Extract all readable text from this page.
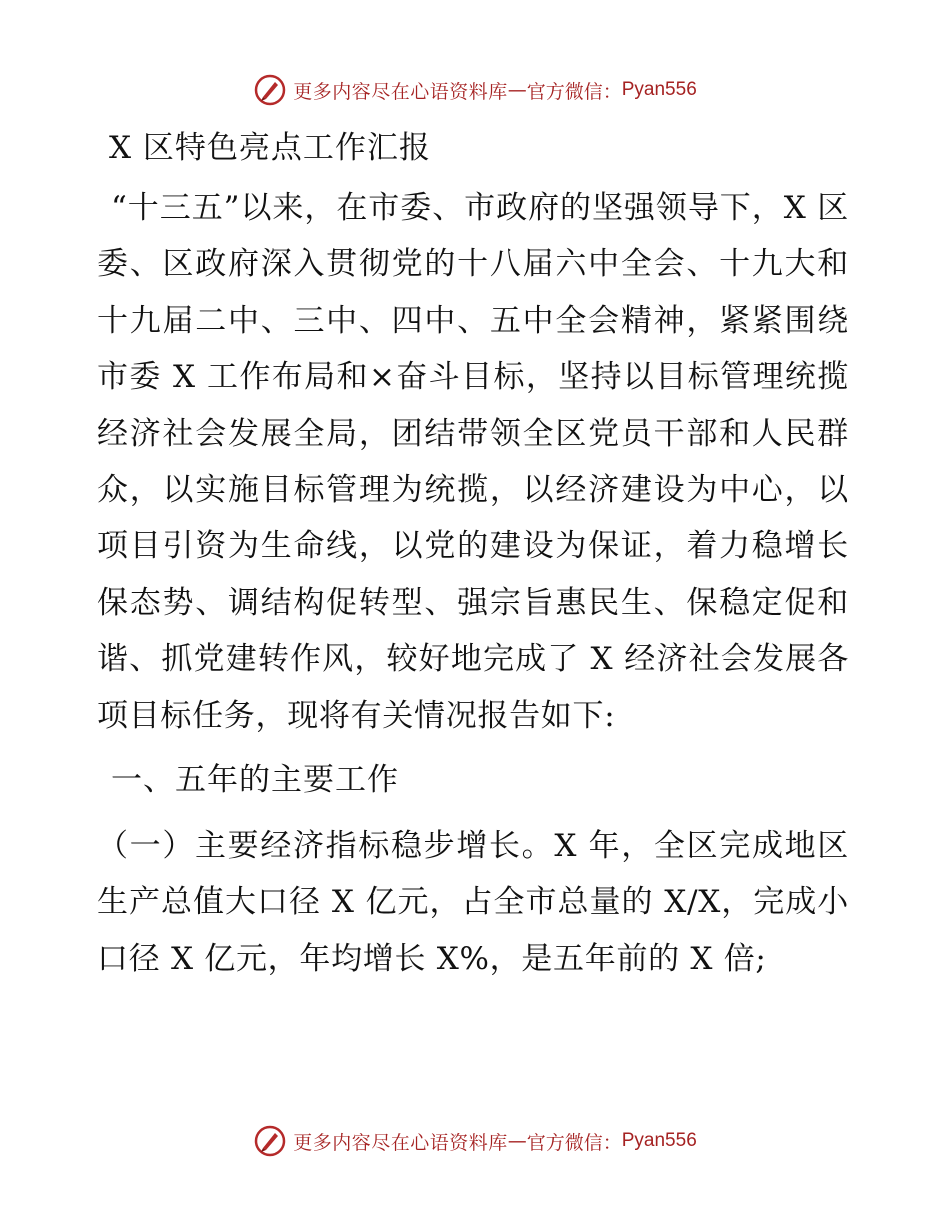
更多内容尽在心语资料库 — 官方微信： Pyan556
X 区特色亮点工作汇报

“十三五”以来，在市委、市政府的坚强领导下，X 区委、区政府深入贯彻党的十八届六中全会、十九大和十九届二中、三中、四中、五中全会精神，紧紧围绕市委 X 工作布局和×奋斗目标，坚持以目标管理统揽经济社会发展全局，团结带领全区党员干部和人民群众，以实施目标管理为统揽，以经济建设为中心，以项目引资为生命线，以党的建设为保证，着力稳增长保态势、调结构促转型、强宗旨惠民生、保稳定促和谐、抓党建转作风，较好地完成了 X 经济社会发展各项目标任务，现将有关情况报告如下:

一、五年的主要工作

（一）主要经济指标稳步增长。X 年，全区完成地区生产总值大口径 X 亿元，占全市总量的 X/X，完成小口径 X 亿元，年均增长 X%，是五年前的 X 倍;

更多内容尽在心语资料库 — 官方微信： Pyan556
